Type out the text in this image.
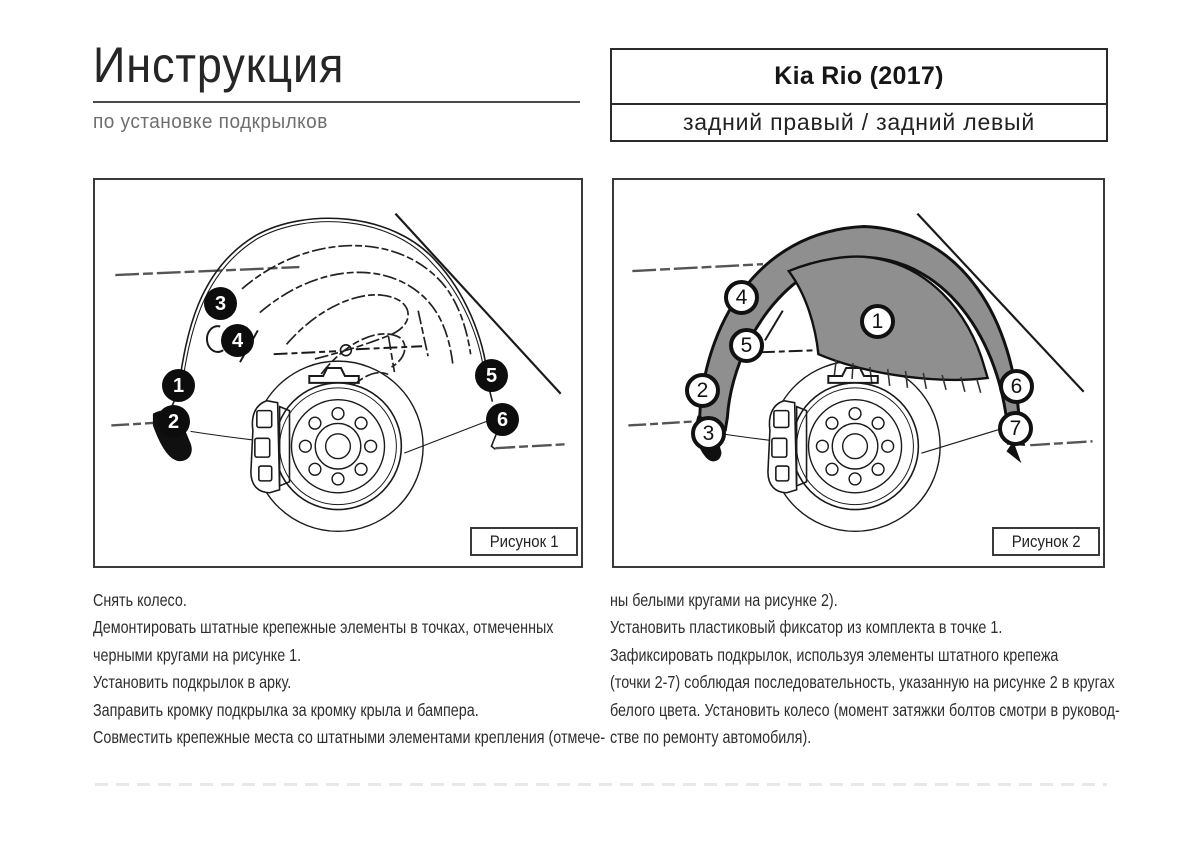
Инструкция
по установке подкрылков
Kia Rio (2017)
задний правый / задний левый
1
2
3
4
5
6
Рисунок 1
1
2
3
4
5
6
7
Рисунок 2
Снять колесо.
Демонтировать штатные крепежные элементы в точках, отмеченных
черными кругами на рисунке 1.
Установить подкрылок в арку.
Заправить кромку подкрылка за кромку крыла и бампера.
Совместить крепежные места со штатными элементами крепления (отмече-
ны белыми кругами на рисунке 2).
Установить пластиковый фиксатор из комплекта в точке 1.
Зафиксировать подкрылок, используя элементы штатного крепежа
(точки 2-7) соблюдая последовательность, указанную на рисунке 2 в кругах
белого цвета. Установить колесо (момент затяжки болтов смотри в руковод-
стве по ремонту автомобиля).
